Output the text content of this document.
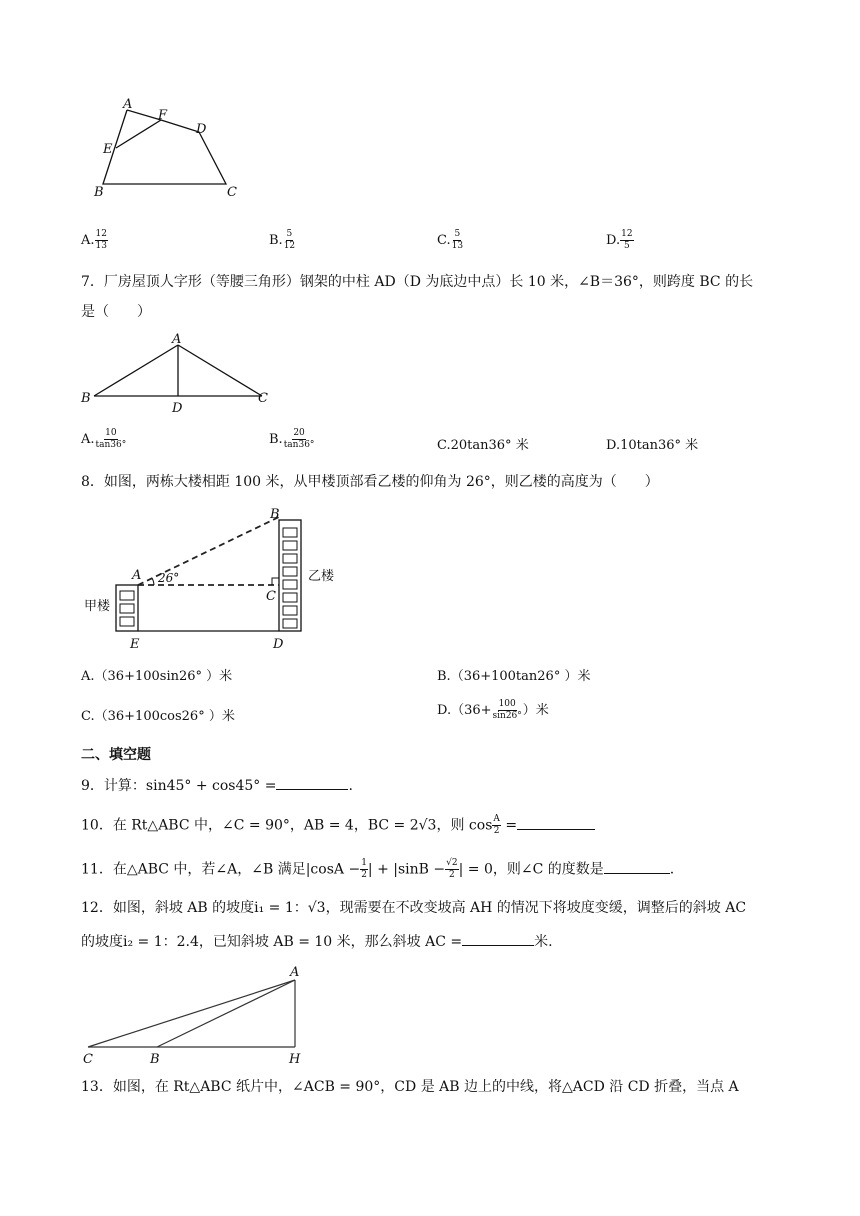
A
B	C
D
E
F
A. $\frac{12}{13}$	B. $\frac{5}{12}$	C. $\frac{5}{13}$	D. $\frac{12}{5}$
7．厂房屋顶人字形（等腰三角形）钢架的中柱 AD（D 为底边中点）长 10 米，∠B＝36°，则跨度 BC 的长
是（　　）
A
B	C
D
A. $\frac{10}{\tan 36^\circ}$	B. $\frac{20}{\tan 36^\circ}$	C.20tan36° 米	D.10tan36° 米
8．如图，两栋大楼相距 100 米，从甲楼顶部看乙楼的仰角为 26°，则乙楼的高度为（　　）
A
B
C
D
E
26°
甲楼
乙楼
A.（36+100sin26° ）米	B.（36+100tan26° ）米
C.（36+100cos26° ）米	$D.(36+ \frac{100}{\sin 26^\circ}$ ）米
二、填空题
9．计算：sin45° + cos45° =	.
10．在 Rt△ABC 中，∠C = 90°，AB = 4，BC = 2√3，则 $\cos \frac{A}{2}$ =
11．在△ABC 中，若∠A，∠B 满足$|\cos A - \frac{1}{2}$ | + $|\sin B - \frac{√2}{2}$ | = 0，则∠C 的度数是	.
12．如图，斜坡 AB 的坡度i₁ = 1：√3，现需要在不改变坡高 AH 的情况下将坡度变缓，调整后的斜坡 AC
的坡度i₂ = 1：2.4，已知斜坡 AB = 10 米，那么斜坡 AC =	米.
A
C	B	H
13．如图，在 Rt△ABC 纸片中，∠ACB = 90°，CD 是 AB 边上的中线，将△ACD 沿 CD 折叠，当点 A
